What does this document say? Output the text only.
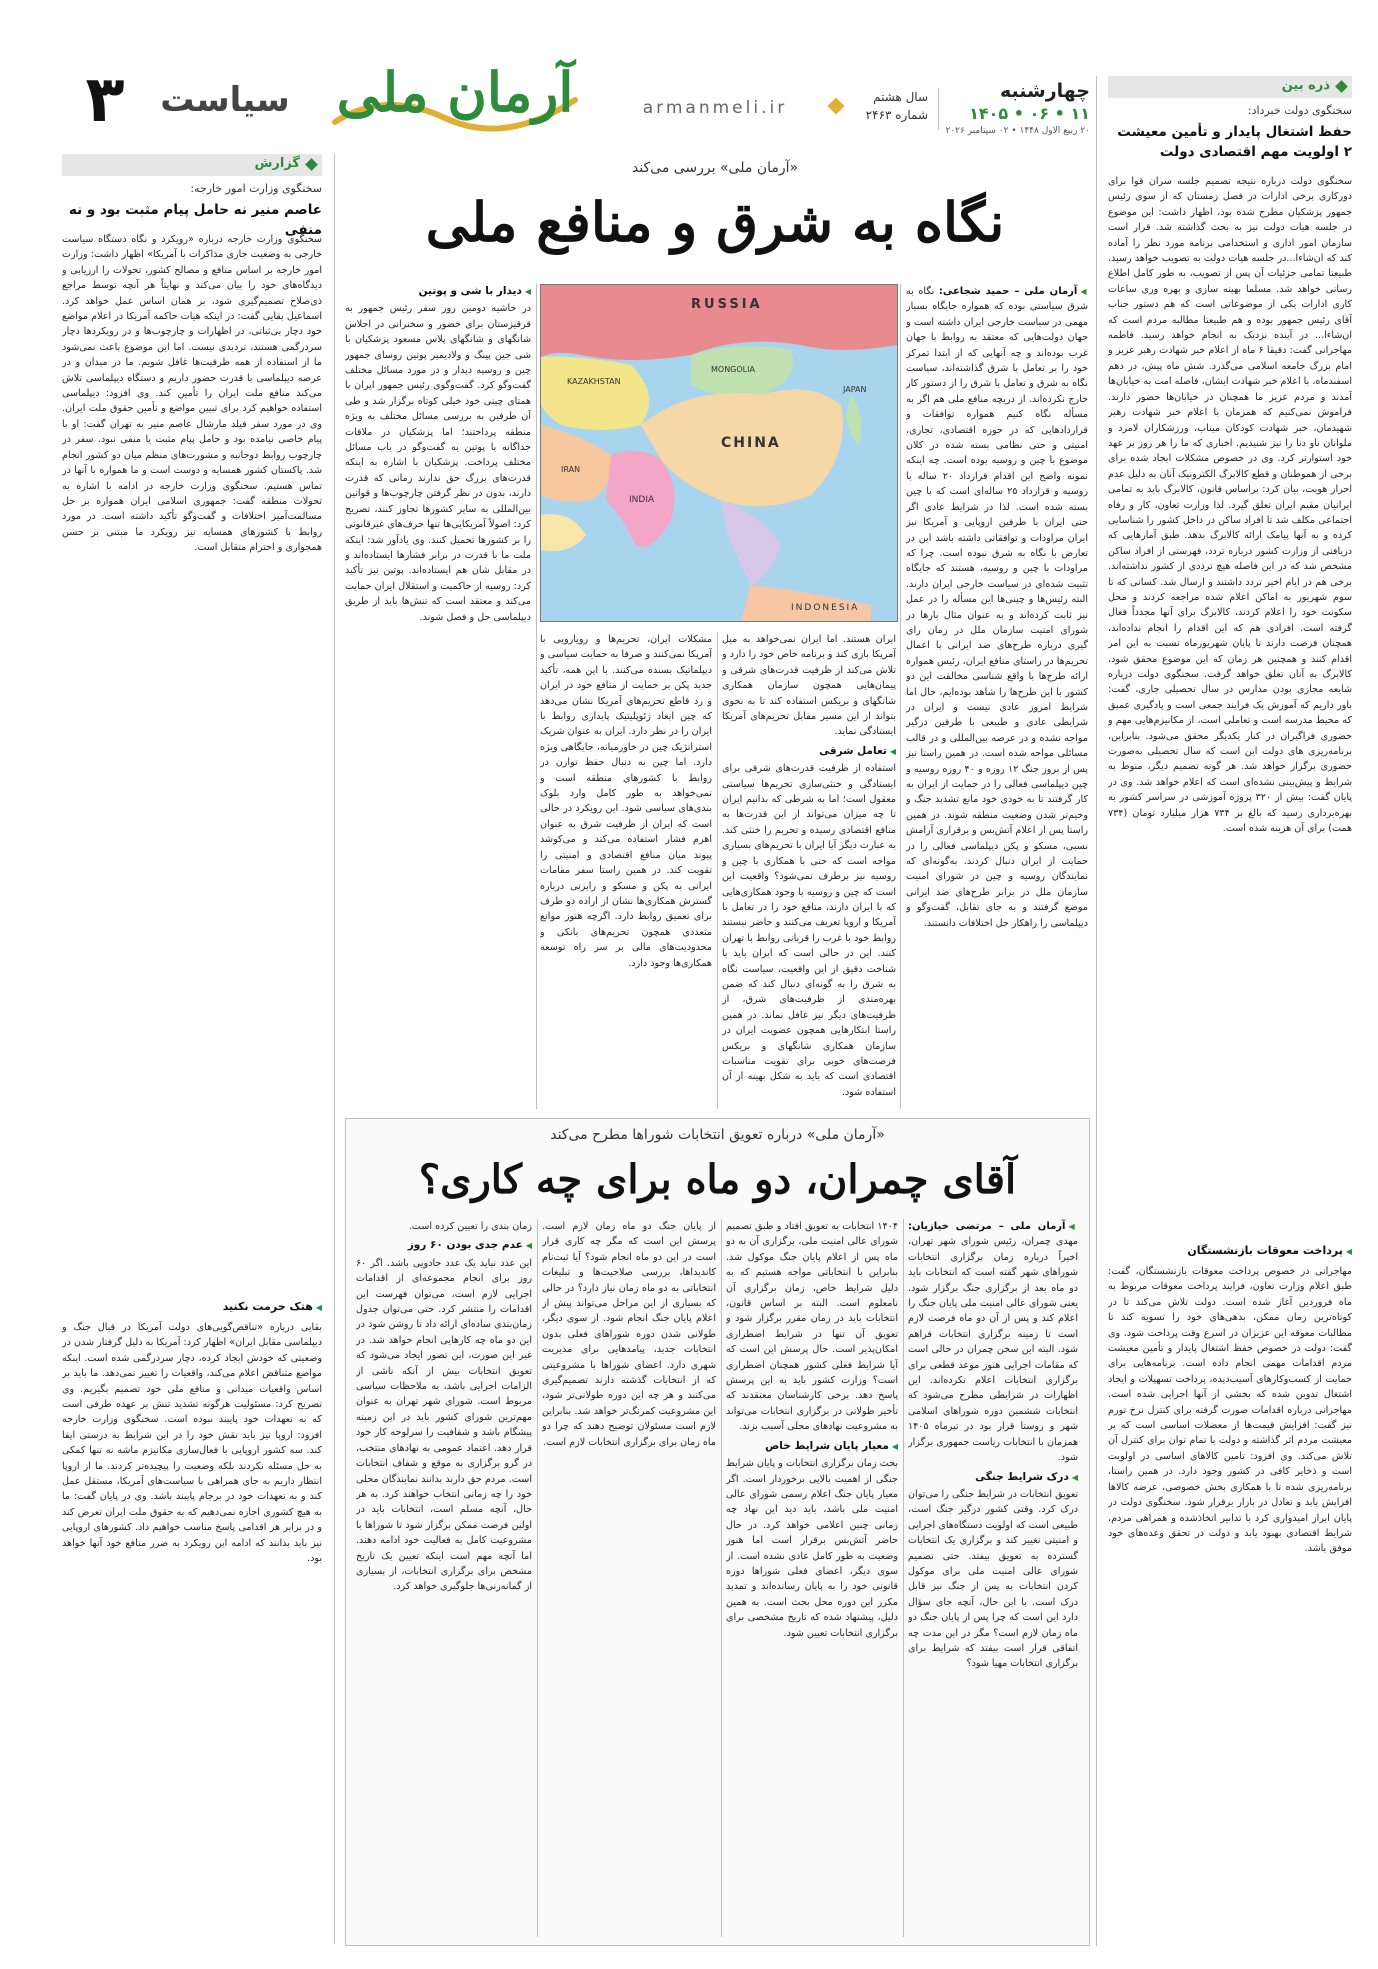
۳	سیاست آرمان ملی	armanmeli.ir
سال هشتم
شماره ۲۴۶۳
چهارشنبه
۱۱ • ۰۶ • ۱۴۰۵
۲۰ ربیع الاول ۱۴۴۸ • ۰۲ سپتامبر ۲۰۲۶
ذره بین
سخنگوی دولت خبرداد:
حفظ اشتغال پایدار و تأمین معیشت ۲ اولویت مهم اقتصادی دولت
سخنگوی دولت درباره نتیجه تصمیم جلسه سران قوا برای دورکاری برخی ادارات در فصل زمستان که از سوی رئیس جمهور پزشکیان مطرح شده بود، اظهار داشت: این موضوع در جلسه هیات دولت نیز به بحث گذاشته شد. قرار است سازمان امور اداری و استخدامی برنامه مورد نظر را آماده کند که ان‌شاءا...در جلسه هیات دولت به تصویب خواهد رسید. طبیعتا تمامی جزئیات آن پس از تصویب، به طور کامل اطلاع رسانی خواهد شد. مسلما بهینه سازی و بهره وری ساعات کاری ادارات یکی از موضوعاتی است که هم دستور جناب آقای رئیس جمهور بوده و هم طبیعتا مطالبه مردم است که ان‌شاءا... در آینده نزدیک به انجام خواهد رسید. فاطمه مهاجرانی گفت: دقیقا ۶ ماه از اعلام خبر شهادت رهبر عزیز و امام بزرگ جامعه اسلامی می‌گذرد. شش ماه پیش، در دهم اسفندماه، با اعلام خبر شهادت ایشان، فاصله امت به خیابان‌ها آمدند و مردم عزیز ما همچنان در خیابان‌ها حضور دارند. فراموش نمی‌کنیم که همزمان با اعلام خبر شهادت رهبر شهیدمان، خبر شهادت کودکان میناب، ورزشکاران لامرد و ملوانان ناو دنا را نیز شنیدیم. اخباری که ما را هر روز بر عهد خود استوارتر کرد. وی در خصوص مشکلات ایجاد شده برای برخی از هموطنان و قطع کالابرگ الکترونیک آنان به دلیل عدم احراز هویت، بیان کرد: براساس قانون، کالابرگ باید به تمامی ایرانیان مقیم ایران تعلق گیرد. لذا وزارت تعاون، کار و رفاه اجتماعی مکلف شد تا افراد ساکن در داخل کشور را شناسایی کرده و به آنها پیامک ارائه کالابرگ بدهد. طبق آمارهایی که دریافتی از وزارت کشور درباره تردد، فهرستی از افراد ساکن مشخص شد که در این فاصله هیچ ترددی از کشور نداشته‌اند. برخی هم در ایام اخیر تردد داشتند و ارسال شد. کسانی که تا سوم شهریور به اماکن اعلام شده مراجعه کردند و محل سکونت خود را اعلام کردند، کالابرگ برای آنها مجدداً فعال گرفته است. افرادی هم که این اقدام را انجام نداده‌اند، همچنان فرصت دارند تا پایان شهریورماه نسبت به این امر اقدام کنند و همچنین هر زمان که این موضوع محقق شود، کالابرگ به آنان تعلق خواهد گرفت. سخنگوی دولت درباره شایعه مجازی بودن مدارس در سال تحصیلی جاری، گفت: باور داریم که آموزش یک فرایند جمعی است و یادگیری عمیق که محیط مدرسه است و تعاملی است، از مکانیزم‌هایی مهم و حضوری فراگیران در کنار یکدیگر محقق می‌شود. بنابراین، برنامه‌ریزی های دولت این است که سال تحصیلی به‌صورت حضوری برگزار خواهد شد. هر گونه تصمیم دیگر، منوط به شرایط و پیش‌بینی نشده‌ای است که اعلام خواهد شد. وی در پایان گفت: بیش از ۳۲۰ پروژه آموزشی در سراسر کشور به بهره‌برداری رسید که بالغ بر ۷۳۴ هزار میلیارد تومان (۷۳۴ همت) برای آن هزینه شده است.
◀ پرداخت معوقات بازنشستگان
مهاجرانی در خصوص پرداخت معوقات بازنشستگان، گفت: طبق اعلام وزارت تعاون، فرایند پرداخت معوقات مربوط به ماه فروردین آغاز شده است. دولت تلاش می‌کند تا در کوتاه‌ترین زمان ممکن، بدهی‌های خود را تسویه کند تا مطالبات معوقه این عزیزان در اسرع وقت پرداخت شود. وی گفت: دولت در خصوص حفظ اشتغال پایدار و تأمین معیشت مردم اقدامات مهمی انجام داده است. برنامه‌هایی برای حمایت از کسب‌وکارهای آسیب‌دیده، پرداخت تسهیلات و ایجاد اشتغال تدوین شده که بخشی از آنها اجرایی شده است. مهاجرانی درباره اقدامات صورت گرفته برای کنترل نرخ تورم نیز گفت: افزایش قیمت‌ها از معضلات اساسی است که بر معیشت مردم اثر گذاشته و دولت با تمام توان برای کنترل آن تلاش می‌کند. وی افزود: تامین کالاهای اساسی در اولویت است و ذخایر کافی در کشور وجود دارد. در همین راستا، برنامه‌ریزی شده تا با همکاری بخش خصوصی، عرضه کالاها افزایش یابد و تعادل در بازار برقرار شود. سخنگوی دولت در پایان ابراز امیدواری کرد با تدابیر اتخاذشده و همراهی مردم، شرایط اقتصادی بهبود یابد و دولت در تحقق وعده‌های خود موفق باشد.
گزارش
سخنگوی وزارت امور خارجه:
عاصم منیر نه حامل پیام مثبت بود و نه منفی
سخنگوی وزارت خارجه درباره «رویکرد و نگاه دستگاه سیاست خارجی به وضعیت جاری مذاکرات با آمریکا» اظهار داشت: وزارت امور خارجه بر اساس منافع و مصالح کشور، تحولات را ارزیابی و دیدگاه‌های خود را بیان می‌کند و نهایتاً هر آنچه توسط مراجع ذی‌صلاح تصمیم‌گیری شود، بر همان اساس عمل خواهد کرد. اسماعیل بقایی گفت: در اینکه هیات حاکمه آمریکا در اعلام مواضع خود دچار بی‌ثباتی، در اظهارات و چارچوب‌ها و در رویکردها دچار سردرگمی هستند، تردیدی نیست. اما این موضوع باعث نمی‌شود ما از استفاده از همه ظرفیت‌ها غافل شویم. ما در میدان و در عرصه دیپلماسی با قدرت حضور داریم و دستگاه دیپلماسی تلاش می‌کند منافع ملت ایران را تأمین کند. وی افزود: دیپلماسی استفاده خواهیم کرد برای تبیین مواضع و تأمین حقوق ملت ایران. وی در مورد سفر فیلد مارشال عاصم منیر به تهران گفت: او با پیام خاصی نیامده بود و حامل پیام مثبت یا منفی نبود. سفر در چارچوب روابط دوجانبه و مشورت‌های منظم میان دو کشور انجام شد. پاکستان کشور همسایه و دوست است و ما همواره با آنها در تماس هستیم. سخنگوی وزارت خارجه در ادامه با اشاره به تحولات منطقه گفت: جمهوری اسلامی ایران همواره بر حل مسالمت‌آمیز اختلافات و گفت‌وگو تأکید داشته است. در مورد روابط با کشورهای همسایه نیز رویکرد ما مبتنی بر حسن همجواری و احترام متقابل است.
◀ هتک حرمت نکنید
بقایی درباره «تناقض‌گویی‌های دولت آمریکا در قبال جنگ و دیپلماسی مقابل ایران» اظهار کرد: آمریکا به دلیل گرفتار شدن در وضعیتی که خودش ایجاد کرده، دچار سردرگمی شده است. اینکه مواضع متناقض اعلام می‌کند، واقعیات را تغییر نمی‌دهد. ما باید بر اساس واقعیات میدانی و منافع ملی خود تصمیم بگیریم. وی تصریح کرد: مسئولیت هرگونه تشدید تنش بر عهده طرفی است که به تعهدات خود پایبند نبوده است. سخنگوی وزارت خارجه افزود: اروپا نیز باید نقش خود را در این شرایط به درستی ایفا کند. سه کشور اروپایی با فعال‌سازی مکانیزم ماشه نه تنها کمکی به حل مسئله نکردند بلکه وضعیت را پیچیده‌تر کردند. ما از اروپا انتظار داریم به جای همراهی با سیاست‌های آمریکا، مستقل عمل کند و به تعهدات خود در برجام پایبند باشد. وی در پایان گفت: ما به هیچ کشوری اجازه نمی‌دهیم که به حقوق ملت ایران تعرض کند و در برابر هر اقدامی پاسخ مناسب خواهیم داد. کشورهای اروپایی نیز باید بدانند که ادامه این رویکرد به ضرر منافع خود آنها خواهد بود.
«آرمان ملی» بررسی می‌کند
نگاه به شرق و منافع ملی
◀ آرمان ملی – حمید شجاعی: نگاه به شرق سیاستی بوده که همواره جایگاه بسیار مهمی در سیاست خارجی ایران داشته است و جهان دولت‌هایی که معتقد به روابط با جهان غرب بوده‌اند و چه آنهایی که از ابتدا تمرکز خود را بر تعامل با شرق گذاشته‌اند، سیاست نگاه به شرق و تعامل با شرق را از دستور کار خارج نکرده‌اند. از دریچه منافع ملی هم اگر به مسأله نگاه کنیم همواره توافقات و قراردادهایی که در حوزه اقتصادی، تجاری، امنیتی و حتی نظامی بسته شده در کلان موضوع با چین و روسیه بوده است. چه اینکه نمونه واضح این اقدام قرارداد ۲۰ ساله با روسیه و قرارداد ۲۵ ساله‌ای است که با چین بسته شده است. لذا در شرایط عادی اگر حتی ایران با طرفین اروپایی و آمریکا نیز ایران مراودات و توافقاتی داشته باشد این در تعارض با نگاه به شرق نبوده است. چرا که مراودات با چین و روسیه، هستند که جایگاه تثبیت شده‌ای در سیاست خارجی ایران دارند. البته رئیس‌ها و چینی‌ها این مسأله را در عمل نیز ثابت کرده‌اند و به عنوان مثال بارها در شورای امنیت سازمان ملل در زمان رای گیری درباره طرح‌های ضد ایرانی با اعمال تحریم‌ها در راستای منافع ایران، رئیس همواره ارائه طرح‌ها با واقع شناسی مخالفت این دو کشور با این طرح‌ها را شاهد بوده‌ایم، حال اما شرایط امروز عادی نیست و ایران در شرایطی عادی و طبیعی با طرفین درگیر مواجه نشده و در عرصه بین‌المللی و در قالب مسائلی مواجه شده است. در همین راستا نیز پس از بروز جنگ ۱۲ روزه و ۴۰ روزه روسیه و چین دیپلماسی فعالی را در حمایت از ایران به کار گرفتند تا به خودی خود مانع تشدید جنگ و وخیم‌تر شدن وضعیت منطقه شوند. در همین راستا پس از اعلام آتش‌بس و برقراری آرامش نسبی، مسکو و پکن دیپلماسی فعالی را در حمایت از ایران دنبال کردند. به‌گونه‌ای که نمایندگان روسیه و چین در شورای امنیت سازمان ملل در برابر طرح‌های ضد ایرانی موضع گرفتند و به جای تقابل، گفت‌وگو و دیپلماسی را راهکار حل اختلافات دانستند.
RUSSIA
KAZAKHSTAN
MONGOLIA
CHINA
IRAN
INDIA
INDONESIA
JAPAN
ایران هستند. اما ایران نمی‌خواهد به میل آمریکا بازی کند و برنامه خاص خود را دارد و تلاش می‌کند از ظرفیت قدرت‌های شرقی و پیمان‌هایی همچون سازمان همکاری شانگهای و بریکس استفاده کند تا به نحوی بتواند از این مسیر مقابل تحریم‌های آمریکا ایستادگی نماید.
◀ تعامل شرقی
استفاده از ظرفیت قدرت‌های شرقی برای ایستادگی و خنثی‌سازی تحریم‌ها سیاستی معقول است؛ اما به شرطی که بدانیم ایران تا چه میزان می‌تواند از این قدرت‌ها به منافع اقتصادی رسیده و تحریم را خنثی کند. به عبارت دیگر آیا ایران با تحریم‌های بسیاری مواجه است که حتی با همکاری با چین و روسیه نیز برطرف نمی‌شود؟ واقعیت این است که چین و روسیه با وجود همکاری‌هایی که با ایران دارند، منافع خود را در تعامل با آمریکا و اروپا تعریف می‌کنند و حاضر نیستند روابط خود با غرب را قربانی روابط با تهران کنند. این در حالی است که ایران باید با شناخت دقیق از این واقعیت، سیاست نگاه به شرق را به گونه‌ای دنبال کند که ضمن بهره‌مندی از ظرفیت‌های شرق، از ظرفیت‌های دیگر نیز غافل نماند. در همین راستا ابتکار‌هایی همچون عضویت ایران در سازمان همکاری شانگهای و بریکس فرصت‌های خوبی برای تقویت مناسبات اقتصادی است که باید به شکل بهینه از آن استفاده شود.
مشکلات ایران، تحریم‌ها و رویارویی با آمریکا نمی‌کنند و صرفا به حمایت سیاسی و دیپلماتیک بسنده می‌کنند. با این همه، تأکید جدید پکن بر حمایت از منافع خود در ایران و رد قاطع تحریم‌های آمریکا نشان می‌دهد که چین ابعاد ژئوپلیتیک پایداری روابط با ایران را در نظر دارد. ایران به عنوان شریک استراتژیک چین در خاورمیانه، جایگاهی ویژه دارد. اما چین به دنبال حفظ توازن در روابط با کشورهای منطقه است و نمی‌خواهد به طور کامل وارد بلوک بندی‌های سیاسی شود. این رویکرد در حالی است که ایران از ظرفیت شرق به عنوان اهرم فشار استفاده می‌کند و می‌کوشد پیوند میان منافع اقتصادی و امنیتی را تقویت کند. در همین راستا سفر مقامات ایرانی به پکن و مسکو و رایزنی درباره گسترش همکاری‌ها نشان از اراده دو طرف برای تعمیق روابط دارد. اگرچه هنوز موانع متعددی همچون تحریم‌های بانکی و محدودیت‌های مالی بر سر راه توسعه همکاری‌ها وجود دارد.
◀ دیدار با شی و پوتین
در حاشیه دومین روز سفر رئیس جمهور به قرقیزستان برای حضور و سخنرانی در اجلاس شانگهای و شانگهای پلاس مسعود پزشکیان با شی جین پینگ و ولادیمیر پوتین روسای جمهور چین و روسیه دیدار و در مورد مسائل مختلف گفت‌وگو کرد. گفت‌وگوی رئیس جمهور ایران با همتای چینی خود خیلی کوتاه برگزار شد و طی آن طرفین به بررسی مسائل مختلف به ویژه منطقه پرداختند؛ اما پزشکیان در ملاقات جداگانه با پوتین به گفت‌وگو در باب مسائل مختلف پرداخت. پزشکیان با اشاره به اینکه قدرت‌های بزرگ حق ندارند زمانی که قدرت دارند، بدون در نظر گرفتن چارچوب‌ها و قوانین بین‌المللی به سایر کشورها تجاوز کنند، تصریح کرد: اصولاً آمریکایی‌ها تنها حرف‌های غیرقانونی را بر کشورها تحمیل کنند. وی یادآور شد: اینکه ملت ما با قدرت در برابر فشارها ایستاده‌اند و در مقابل شان هم ایستاده‌اند. پوتین نیز تأکید کرد: روسیه از حاکمیت و استقلال ایران حمایت می‌کند و معتقد است که تنش‌ها باید از طریق دیپلماسی حل و فصل شوند.
«آرمان ملی» درباره تعویق انتخابات شوراها مطرح می‌کند
آقای چمران، دو ماه برای چه کاری؟
◀ آرمان ملی – مرتضی خیازیان: مهدی چمران، رئیس شورای شهر تهران، اخیراً درباره زمان برگزاری انتخابات شوراهای شهر گفته است که انتخابات باید دو ماه بعد از برگزاری جنگ برگزار شود. یعنی شورای عالی امنیت ملی پایان جنگ را اعلام کند و پس از آن دو ماه فرصت لازم است تا زمینه برگزاری انتخابات فراهم شود. البته این سخن چمران در حالی است که مقامات اجرایی هنوز موعد قطعی برای برگزاری انتخابات اعلام نکرده‌اند. این اظهارات در شرایطی مطرح می‌شود که انتخابات ششمین دوره شوراهای اسلامی شهر و روستا قرار بود در تیرماه ۱۴۰۵ همزمان با انتخابات ریاست جمهوری برگزار شود.
◀ درک شرایط جنگی
تعویق انتخابات در شرایط جنگی را می‌توان درک کرد. وقتی کشور درگیر جنگ است، طبیعی است که اولویت دستگاه‌های اجرایی و امنیتی تغییر کند و برگزاری یک انتخابات گسترده به تعویق بیفتد. حتی تصمیم شورای عالی امنیت ملی برای موکول کردن انتخابات به پس از جنگ نیز قابل درک است. با این حال، آنچه جای سؤال دارد این است که چرا پس از پایان جنگ دو ماه زمان لازم است؟ مگر در این مدت چه اتفاقی قرار است بیفتد که شرایط برای برگزاری انتخابات مهیا شود؟
۱۴۰۴ انتخابات به تعویق افتاد و طبق تصمیم شورای عالی امنیت ملی، برگزاری آن به دو ماه پس از اعلام پایان جنگ موکول شد. بنابراین با انتخاباتی مواجه هستیم که به دلیل شرایط خاص، زمان برگزاری آن نامعلوم است. البته بر اساس قانون، انتخابات باید در زمان مقرر برگزار شود و تعویق آن تنها در شرایط اضطراری امکان‌پذیر است. حال پرسش این است که آیا شرایط فعلی کشور همچنان اضطراری است؟ وزارت کشور باید به این پرسش پاسخ دهد. برخی کارشناسان معتقدند که تأخیر طولانی در برگزاری انتخابات می‌تواند به مشروعیت نهادهای محلی آسیب بزند.
◀ معیار پایان شرایط خاص
بحث زمان برگزاری انتخابات و پایان شرایط جنگی از اهمیت بالایی برخوردار است. اگر معیار پایان جنگ اعلام رسمی شورای عالی امنیت ملی باشد، باید دید این نهاد چه زمانی چنین اعلامی خواهد کرد. در حال حاضر آتش‌بس برقرار است اما هنوز وضعیت به طور کامل عادی نشده است. از سوی دیگر، اعضای فعلی شوراها دوره قانونی خود را به پایان رسانده‌اند و تمدید مکرر این دوره محل بحث است. به همین دلیل، پیشنهاد شده که تاریخ مشخصی برای برگزاری انتخابات تعیین شود.
از پایان جنگ دو ماه زمان لازم است. پرسش این است که مگر چه کاری قرار است در این دو ماه انجام شود؟ آیا ثبت‌نام کاندیداها، بررسی صلاحیت‌ها و تبلیغات انتخاباتی به دو ماه زمان نیاز دارد؟ در حالی که بسیاری از این مراحل می‌تواند پیش از اعلام پایان جنگ انجام شود. از سوی دیگر، طولانی شدن دوره شوراهای فعلی بدون انتخابات جدید، پیامدهایی برای مدیریت شهری دارد. اعضای شوراها با مشروعیتی که از انتخابات گذشته دارند تصمیم‌گیری می‌کنند و هر چه این دوره طولانی‌تر شود، این مشروعیت کمرنگ‌تر خواهد شد. بنابراین لازم است مسئولان توضیح دهند که چرا دو ماه زمان برای برگزاری انتخابات لازم است.
زمان بندی را تعیین کرده است.
◀ عدم جدی بودن ۶۰ روز
این عدد نباید یک عدد جادویی باشد. اگر ۶۰ روز برای انجام مجموعه‌ای از اقدامات اجرایی لازم است، می‌توان فهرست این اقدامات را منتشر کرد. حتی می‌توان جدول زمان‌بندی ساده‌ای ارائه داد تا روشن شود در این دو ماه چه کارهایی انجام خواهد شد. در غیر این صورت، این تصور ایجاد می‌شود که تعویق انتخابات بیش از آنکه ناشی از الزامات اجرایی باشد، به ملاحظات سیاسی مربوط است. شورای شهر تهران به عنوان مهم‌ترین شورای کشور باید در این زمینه پیشگام باشد و شفافیت را سرلوحه کار خود قرار دهد. اعتماد عمومی به نهادهای منتخب، در گرو برگزاری به موقع و شفاف انتخابات است. مردم حق دارند بدانند نمایندگان محلی خود را چه زمانی انتخاب خواهند کرد. به هر حال، آنچه مسلم است، انتخابات باید در اولین فرصت ممکن برگزار شود تا شوراها با مشروعیت کامل به فعالیت خود ادامه دهند. اما آنچه مهم است اینکه تعیین یک تاریخ مشخص برای برگزاری انتخابات، از بسیاری از گمانه‌زنی‌ها جلوگیری خواهد کرد.
